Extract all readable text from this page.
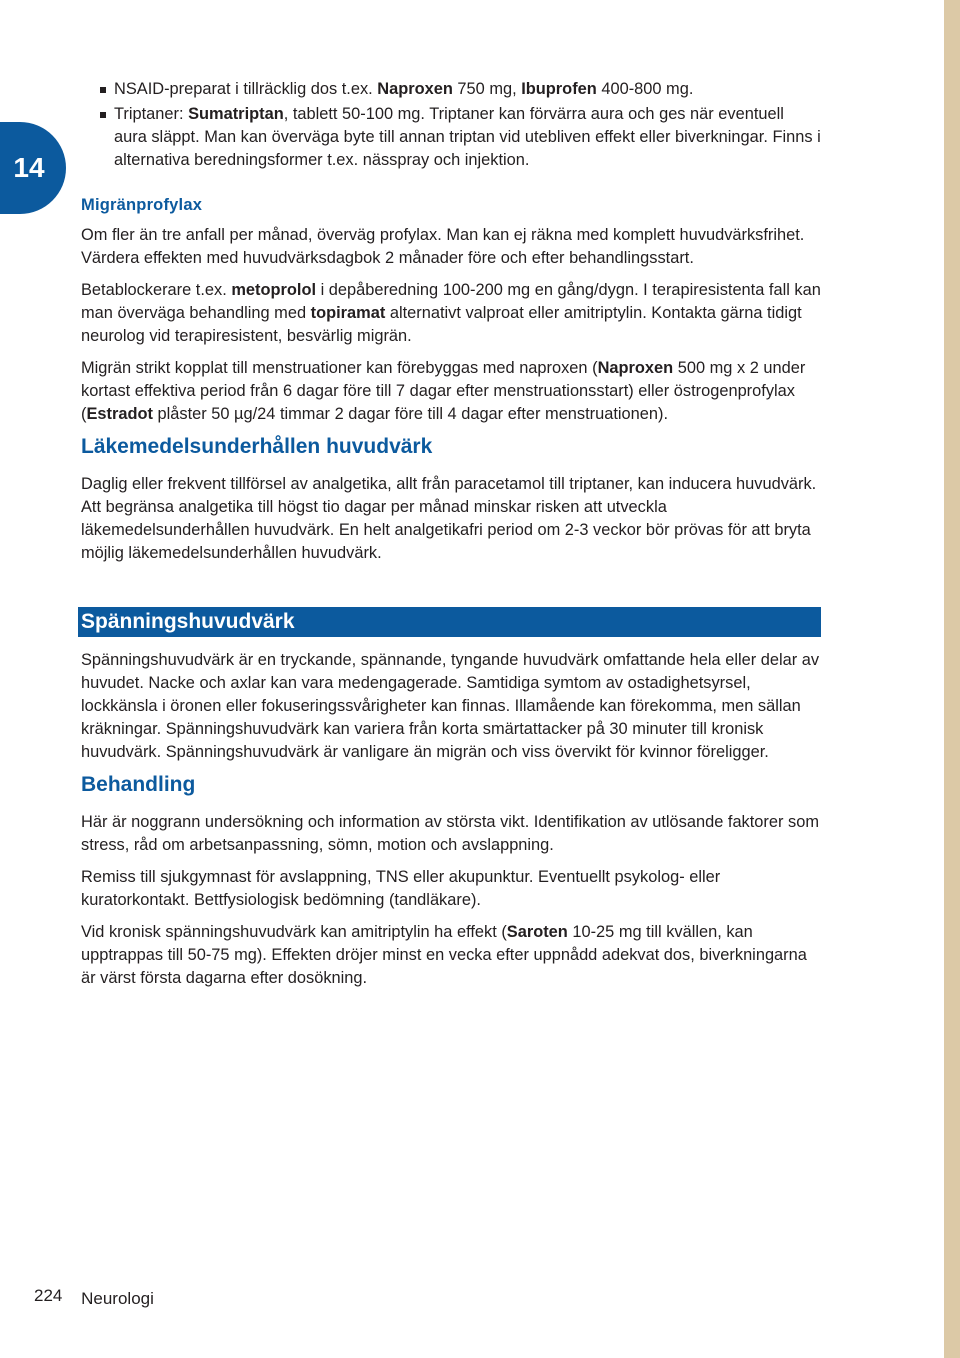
14
NSAID-preparat i tillräcklig dos t.ex. Naproxen 750 mg, Ibuprofen 400-800 mg.
Triptaner: Sumatriptan, tablett 50-100 mg. Triptaner kan förvärra aura och ges när eventuell aura släppt. Man kan överväga byte till annan triptan vid utebliven effekt eller biverkningar. Finns i alternativa beredningsformer t.ex. nässpray och injektion.
Migränprofylax

Om fler än tre anfall per månad, överväg profylax. Man kan ej räkna med komplett huvudvärksfrihet. Värdera effekten med huvudvärksdagbok 2 månader före och efter behandlingsstart.

Betablockerare t.ex. metoprolol i depåberedning 100-200 mg en gång/dygn. I terapiresistenta fall kan man överväga behandling med topiramat alternativt valproat eller amitriptylin. Kontakta gärna tidigt neurolog vid terapiresistent, besvärlig migrän.

Migrän strikt kopplat till menstruationer kan förebyggas med naproxen (Naproxen 500 mg x 2 under kortast effektiva period från 6 dagar före till 7 dagar efter menstruationsstart) eller östrogenprofylax (Estradot plåster 50 µg/24 timmar 2 dagar före till 4 dagar efter menstruationen).

Läkemedelsunderhållen huvudvärk

Daglig eller frekvent tillförsel av analgetika, allt från paracetamol till triptaner, kan inducera huvudvärk. Att begränsa analgetika till högst tio dagar per månad minskar risken att utveckla läkemedelsunderhållen huvudvärk. En helt analgetikafri period om 2-3 veckor bör prövas för att bryta möjlig läkemedelsunderhållen huvudvärk.

Spänningshuvudvärk

Spänningshuvudvärk är en tryckande, spännande, tyngande huvudvärk omfattande hela eller delar av huvudet. Nacke och axlar kan vara medengagerade. Samtidiga symtom av ostadighetsyrsel, lockkänsla i öronen eller fokuseringssvårigheter kan finnas. Illamående kan förekomma, men sällan kräkningar. Spänningshuvudvärk kan variera från korta smärtattacker på 30 minuter till kronisk huvudvärk. Spänningshuvudvärk är vanligare än migrän och viss övervikt för kvinnor föreligger.

Behandling

Här är noggrann undersökning och information av största vikt. Identifikation av utlösande faktorer som stress, råd om arbetsanpassning, sömn, motion och avslappning.

Remiss till sjukgymnast för avslappning, TNS eller akupunktur. Eventuellt psykolog- eller kuratorkontakt. Bettfysiologisk bedömning (tandläkare).

Vid kronisk spänningshuvudvärk kan amitriptylin ha effekt (Saroten 10-25 mg till kvällen, kan upptrappas till 50-75 mg). Effekten dröjer minst en vecka efter uppnådd adekvat dos, biverkningarna är värst första dagarna efter dosökning.

224 Neurologi
